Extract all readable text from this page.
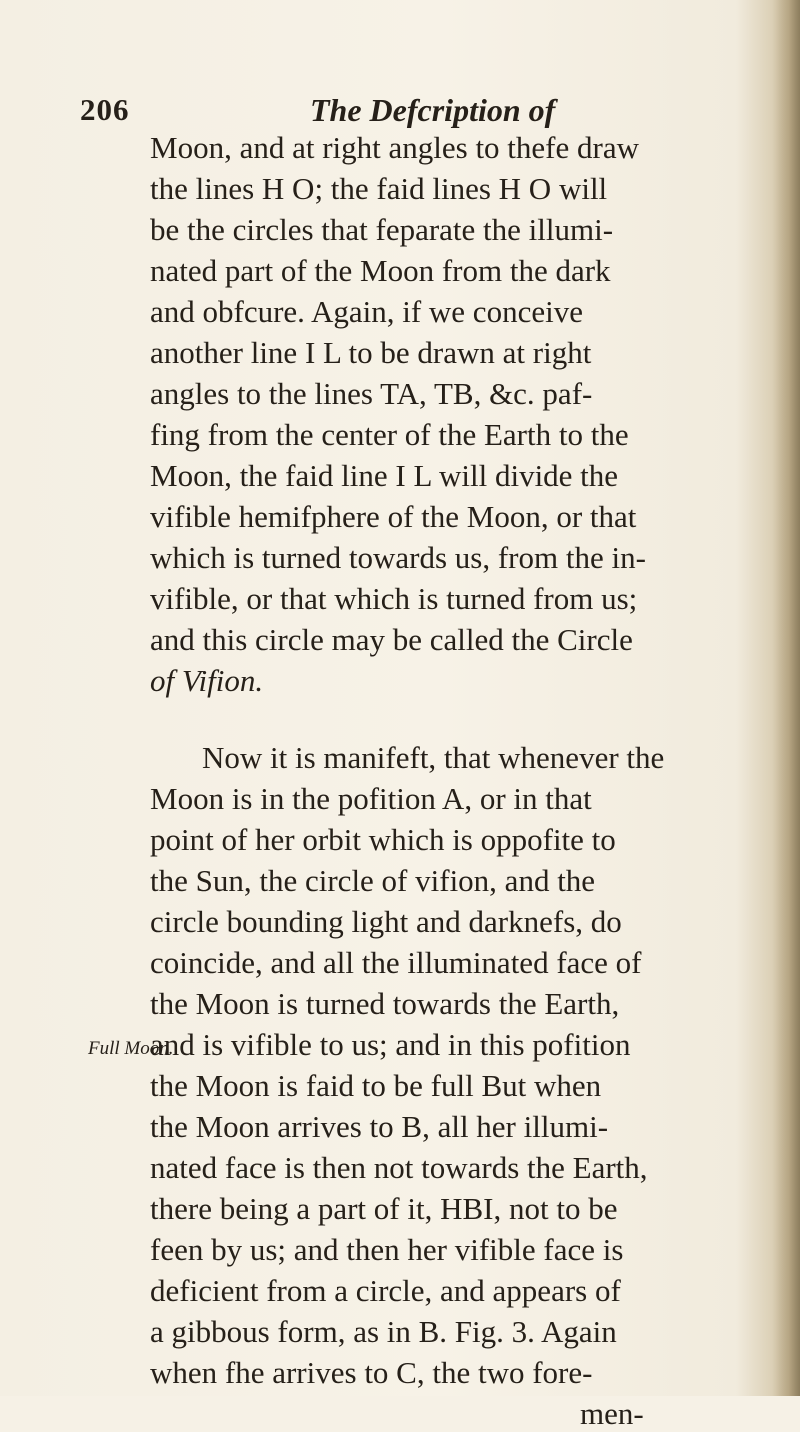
206	The Defcription of
Full Moon.
Moon, and at right angles to thefe draw
the lines H O; the faid lines H O will
be the circles that feparate the illumi-
nated part of the Moon from the dark
and obfcure. Again, if we conceive
another line I L to be drawn at right
angles to the lines TA, TB, &c. paf-
fing from the center of the Earth to the
Moon, the faid line I L will divide the
vifible hemifphere of the Moon, or that
which is turned towards us, from the in-
vifible, or that which is turned from us;
and this circle may be called the Circle
of Vifion.
Now it is manifeft, that whenever the
Moon is in the pofition A, or in that
point of her orbit which is oppofite to
the Sun, the circle of vifion, and the
circle bounding light and darknefs, do
coincide, and all the illuminated face of
the Moon is turned towards the Earth,
and is vifible to us; and in this pofition
the Moon is faid to be full But when
the Moon arrives to B, all her illumi-
nated face is then not towards the Earth,
there being a part of it, HBI, not to be
feen by us; and then her vifible face is
deficient from a circle, and appears of
a gibbous form, as in B. Fig. 3. Again
when fhe arrives to C, the two fore-
men-
